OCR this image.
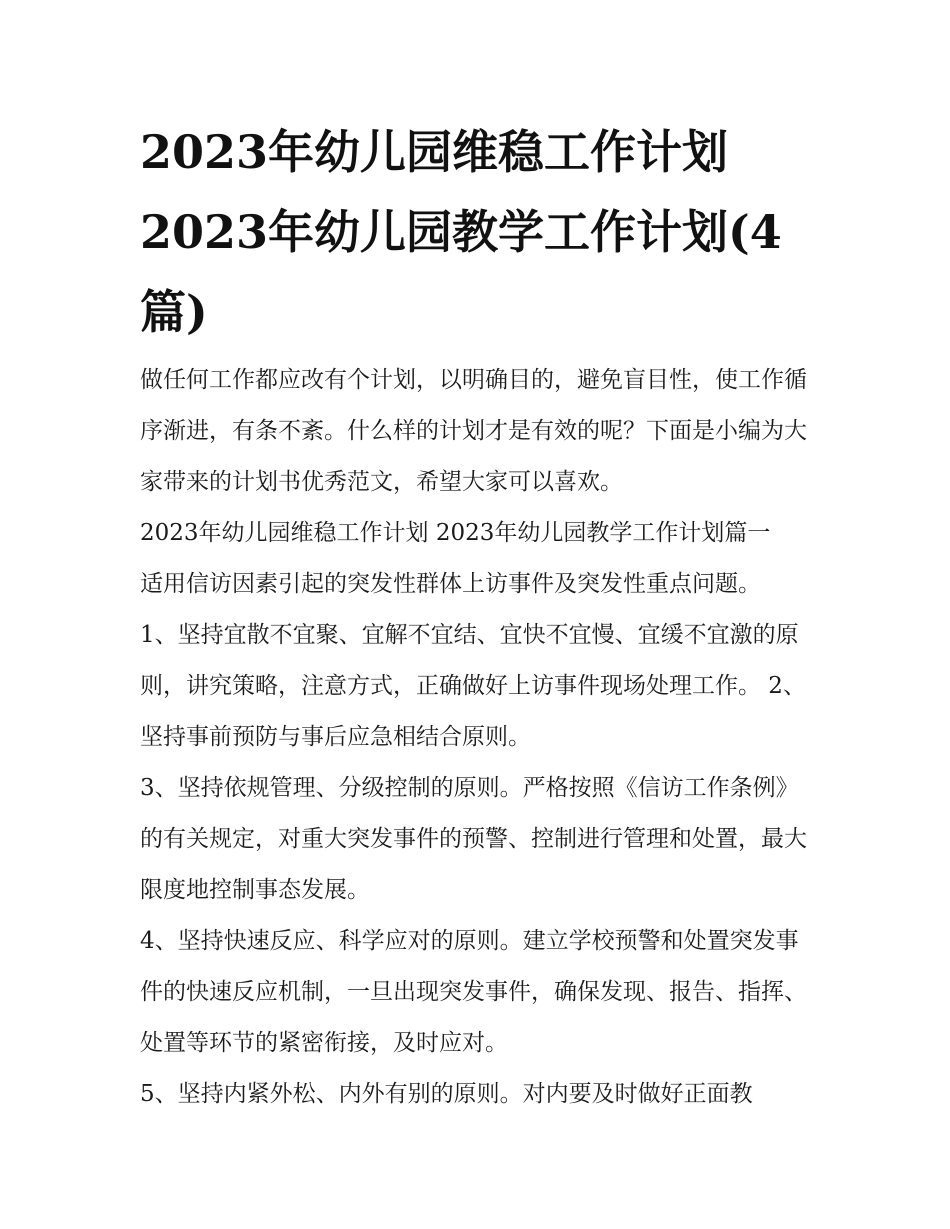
2023年幼儿园维稳工作计划 2023年幼儿园教学工作计划(4篇)

做任何工作都应改有个计划，以明确目的，避免盲目性，使工作循序渐进，有条不紊。什么样的计划才是有效的呢？下面是小编为大家带来的计划书优秀范文，希望大家可以喜欢。

2023年幼儿园维稳工作计划 2023年幼儿园教学工作计划篇一

适用信访因素引起的突发性群体上访事件及突发性重点问题。

1、坚持宜散不宜聚、宜解不宜结、宜快不宜慢、宜缓不宜激的原则，讲究策略，注意方式，正确做好上访事件现场处理工作。 2、坚持事前预防与事后应急相结合原则。

3、坚持依规管理、分级控制的原则。严格按照《信访工作条例》的有关规定，对重大突发事件的预警、控制进行管理和处置，最大限度地控制事态发展。

4、坚持快速反应、科学应对的原则。建立学校预警和处置突发事件的快速反应机制，一旦出现突发事件，确保发现、报告、指挥、处置等环节的紧密衔接，及时应对。

5、坚持内紧外松、内外有别的原则。对内要及时做好正面教
